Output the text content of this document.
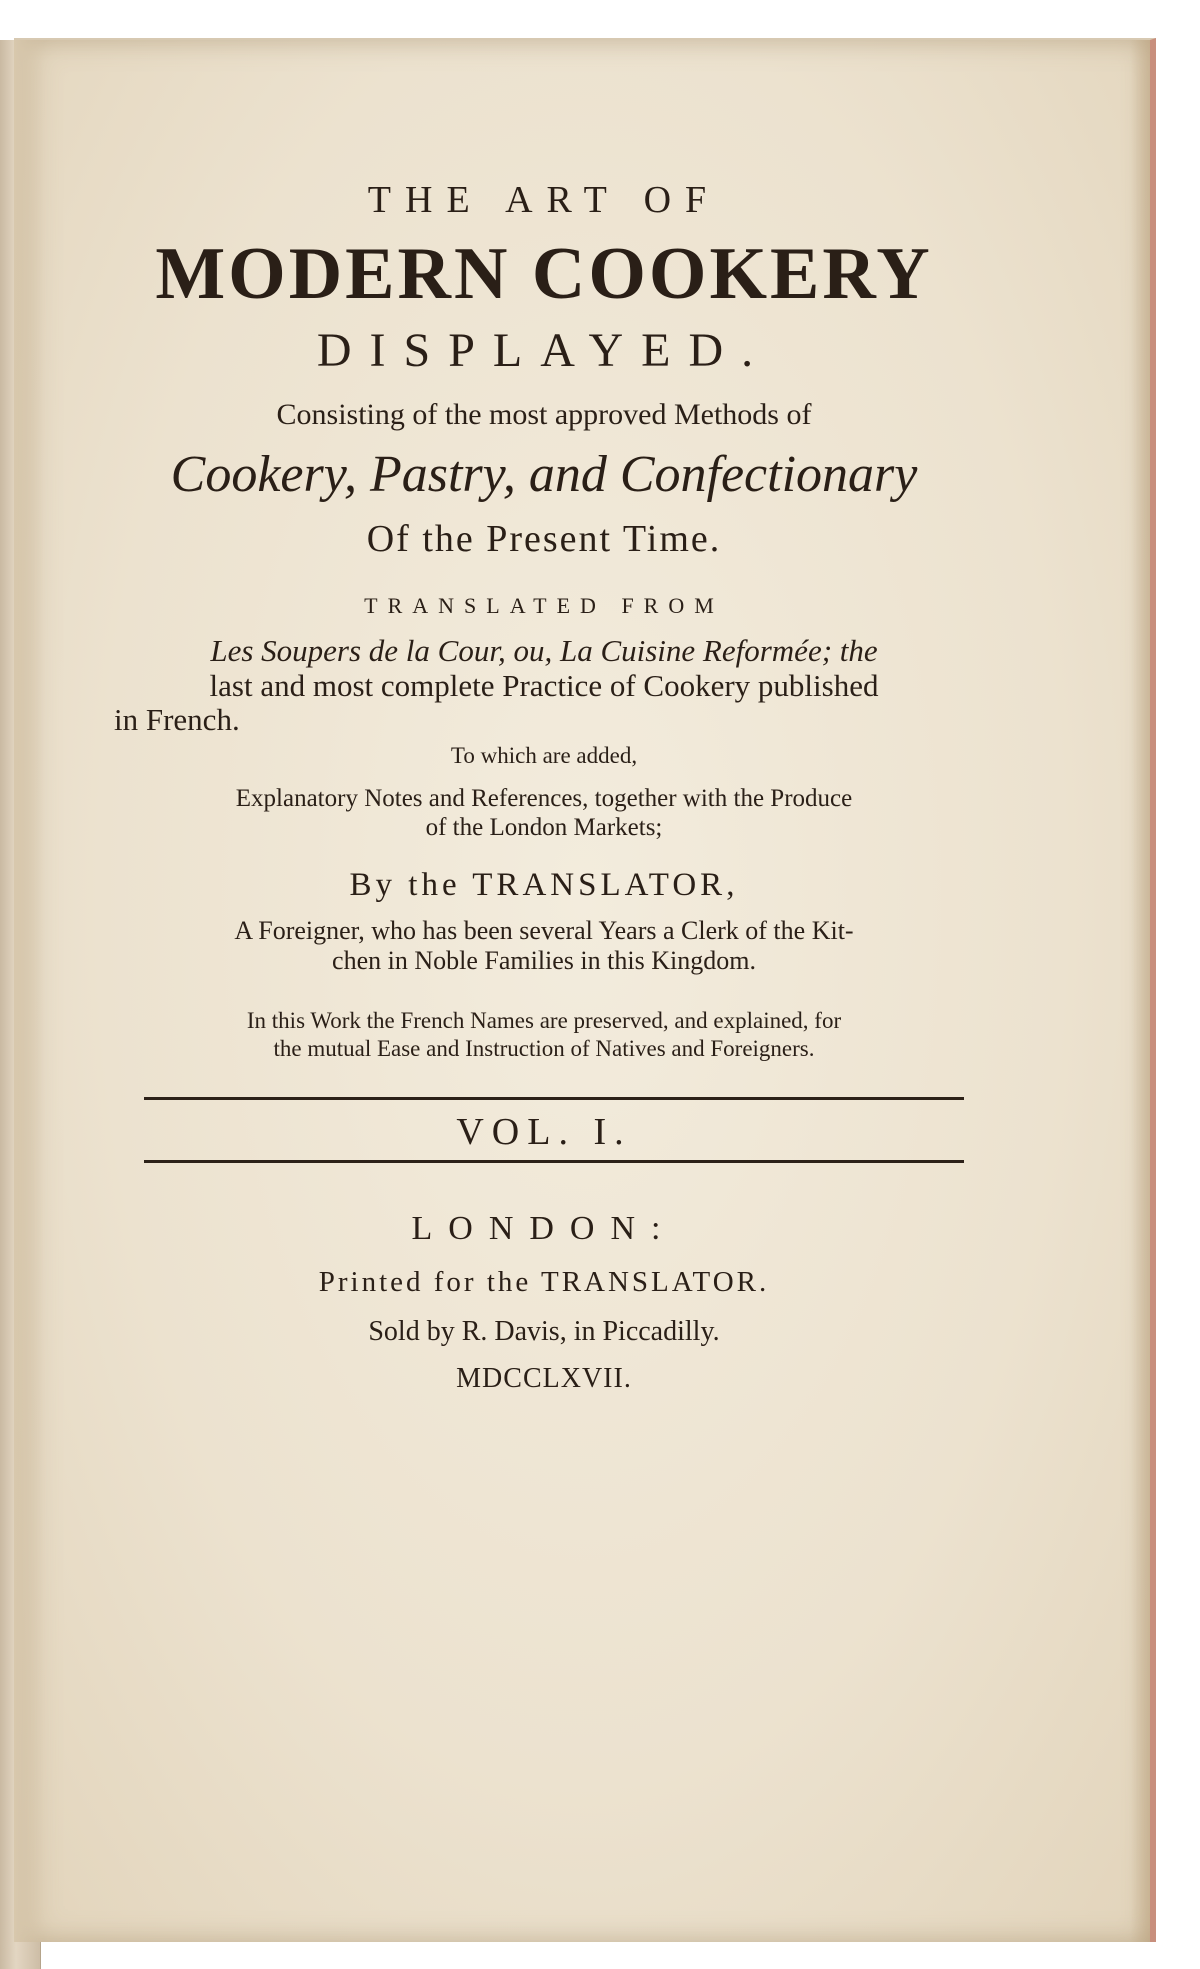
THE ART OF
MODERN COOKERY
DISPLAYED.
Consisting of the most approved Methods of
Cookery, Pastry, and Confectionary
Of the Present Time.
TRANSLATED FROM
Les Soupers de la Cour, ou, La Cuisine Reformée; the
last and most complete Practice of Cookery published
in French.
To which are added,
Explanatory Notes and References, together with the Produce
of the London Markets;
By the TRANSLATOR,
A Foreigner, who has been several Years a Clerk of the Kit-
chen in Noble Families in this Kingdom.
In this Work the French Names are preserved, and explained, for
the mutual Ease and Instruction of Natives and Foreigners.
VOL. I.
LONDON:
Printed for the TRANSLATOR.
Sold by R. Davis, in Piccadilly.
MDCCLXVII.
